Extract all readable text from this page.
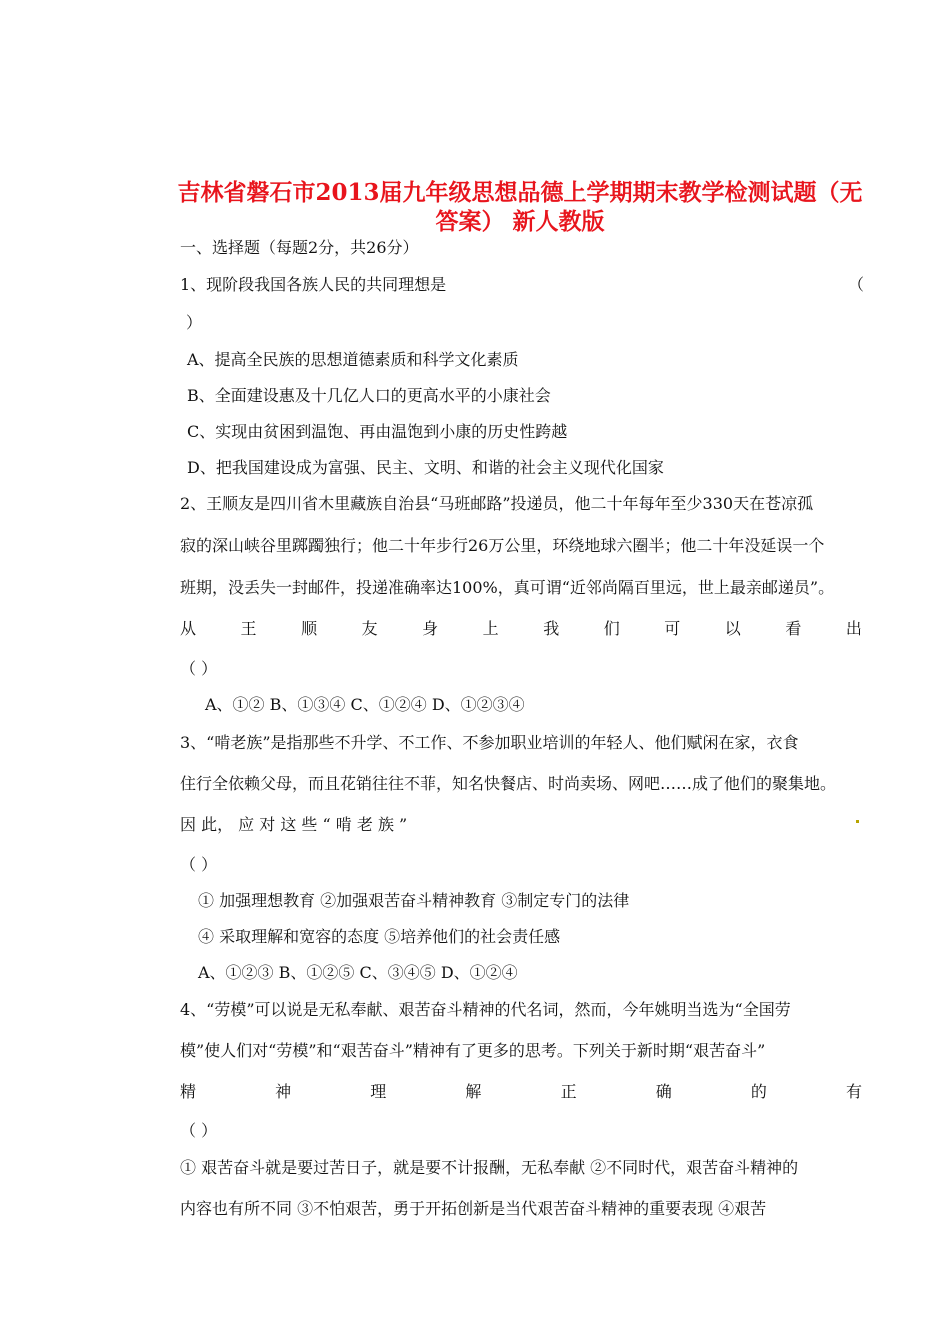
吉林省磐石市2013届九年级思想品德上学期期末教学检测试题（无
答案） 新人教版
一、选择题（每题2分，共26分）
1、现阶段我国各族人民的共同理想是	（
）
A、提高全民族的思想道德素质和科学文化素质
B、全面建设惠及十几亿人口的更高水平的小康社会
C、实现由贫困到温饱、再由温饱到小康的历史性跨越
D、把我国建设成为富强、民主、文明、和谐的社会主义现代化国家
2、王顺友是四川省木里藏族自治县“马班邮路”投递员，他二十年每年至少330天在苍凉孤
寂的深山峡谷里踯躅独行；他二十年步行26万公里，环绕地球六圈半；他二十年没延误一个
班期，没丢失一封邮件，投递准确率达100%，真可谓“近邻尚隔百里远，世上最亲邮递员”。
从	王	顺	友	身	上	我	们	可	以	看	出
（ ）
A、①② B、①③④ C、①②④ D、①②③④
3、“啃老族”是指那些不升学、不工作、不参加职业培训的年轻人、他们赋闲在家，衣食
住行全依赖父母，而且花销往往不菲，知名快餐店、时尚卖场、网吧……成了他们的聚集地。
因 此， 应 对 这 些 “ 啃 老 族 ”
（ ）
① 加强理想教育 ②加强艰苦奋斗精神教育 ③制定专门的法律
④ 采取理解和宽容的态度 ⑤培养他们的社会责任感
A、①②③ B、①②⑤ C、③④⑤ D、①②④
4、“劳模”可以说是无私奉献、艰苦奋斗精神的代名词，然而，今年姚明当选为“全国劳
模”使人们对“劳模”和“艰苦奋斗”精神有了更多的思考。下列关于新时期“艰苦奋斗”
精	神	理	解	正	确	的	有
（ ）
① 艰苦奋斗就是要过苦日子，就是要不计报酬，无私奉献 ②不同时代，艰苦奋斗精神的
内容也有所不同 ③不怕艰苦，勇于开拓创新是当代艰苦奋斗精神的重要表现 ④艰苦
